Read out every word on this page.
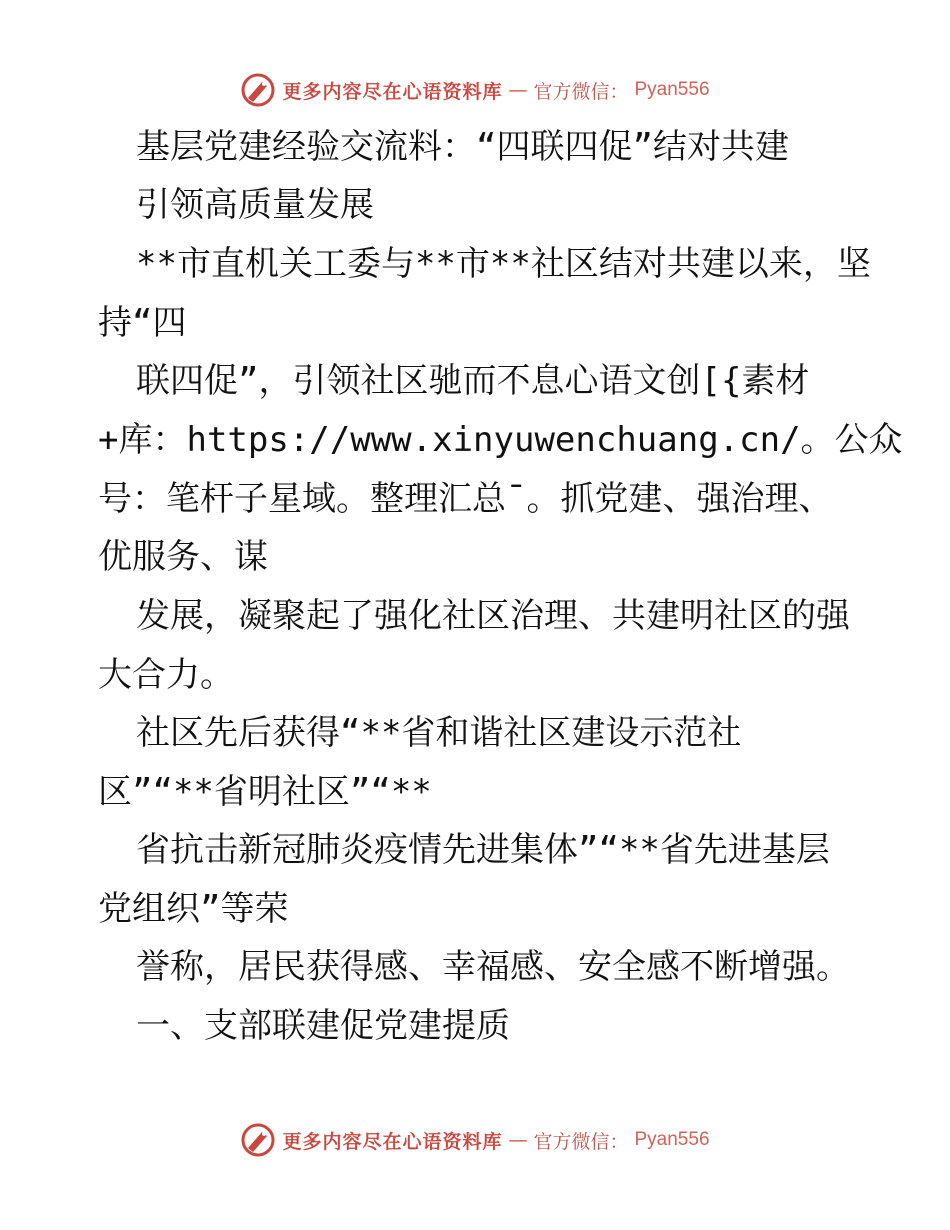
更多内容尽在心语资料库 — 官方微信： Pyan556
基层党建经验交流料：“四联四促”结对共建
引领高质量发展
**市直机关工委与**市**社区结对共建以来，坚
持“四
联四促”，引领社区驰而不息心语文创[{素材
+库：https://www.xinyuwenchuang.cn/。公众
号：笔杆子星域。整理汇总¯。抓党建、强治理、
优服务、谋
发展，凝聚起了强化社区治理、共建明社区的强
大合力。
社区先后获得“**省和谐社区建设示范社
区”“**省明社区”“**
省抗击新冠肺炎疫情先进集体”“**省先进基层
党组织”等荣
誉称，居民获得感、幸福感、安全感不断增强。
一、支部联建促党建提质
更多内容尽在心语资料库 — 官方微信： Pyan556
